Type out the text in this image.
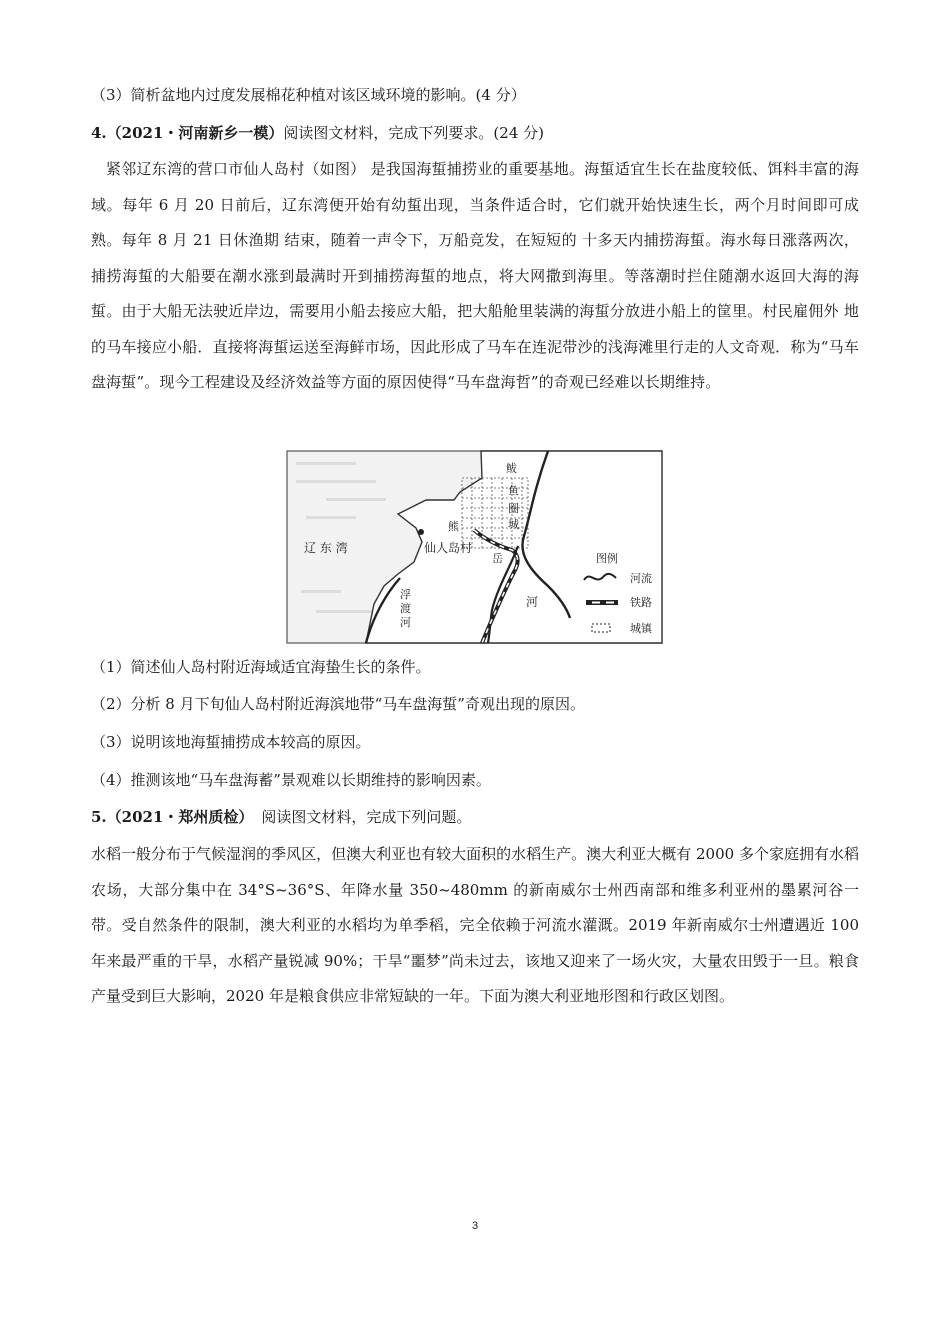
（3）简析盆地内过度发展棉花种植对该区域环境的影响。(4 分）
4.（2021・河南新乡一模）阅读图文材料，完成下列要求。(24 分)
紧邻辽东湾的营口市仙人岛村（如图） 是我国海蜇捕捞业的重要基地。海蜇适宜生长在盐度较低、饵料丰富的海域。每年 6 月 20 日前后，辽东湾便开始有幼蜇出现，当条件适合时，它们就开始快速生长，两个月时间即可成熟。每年 8 月 21 日休渔期 结束，随着一声令下，万船竞发，在短短的 十多天内捕捞海蜇。海水每日涨落两次，捕捞海蜇的大船要在潮水涨到最满时开到捕捞海蜇的地点，将大网撒到海里。等落潮时拦住随潮水返回大海的海蜇。由于大船无法驶近岸边，需要用小船去接应大船，把大船舱里装满的海蜇分放进小船上的筐里。村民雇佣外 地的马车接应小船．直接将海蜇运送至海鲜市场，因此形成了马车在连泥带沙的浅海滩里行走的人文奇观．称为“马车盘海蜇”。现今工程建设及经济效益等方面的原因使得“马车盘海哲”的奇观已经难以长期维持。
辽 东 湾	仙人岛村
鲅
鱼
圈
城
熊
岳
浮
渡
河
河
图例
河流
铁路
城镇
（1）简述仙人岛村附近海域适宜海蛰生长的条件。
（2）分析 8 月下旬仙人岛村附近海滨地带“马车盘海蜇”奇观出现的原因。
（3）说明该地海蜇捕捞成本较高的原因。
（4）推测该地“马车盘海蓄”景观难以长期维持的影响因素。
5.（2021・郑州质检） 阅读图文材料，完成下列问题。
水稻一般分布于气候湿润的季风区，但澳大利亚也有较大面积的水稻生产。澳大利亚大概有 2000 多个家庭拥有水稻农场，大部分集中在 34°S~36°S、年降水量 350~480mm 的新南威尔士州西南部和维多利亚州的墨累河谷一带。受自然条件的限制，澳大利亚的水稻均为单季稻，完全依赖于河流水灌溉。2019 年新南威尔士州遭遇近 100 年来最严重的干旱，水稻产量锐减 90%；干旱“噩梦”尚未过去，该地又迎来了一场火灾，大量农田毁于一旦。粮食产量受到巨大影响，2020 年是粮食供应非常短缺的一年。下面为澳大利亚地形图和行政区划图。
3
